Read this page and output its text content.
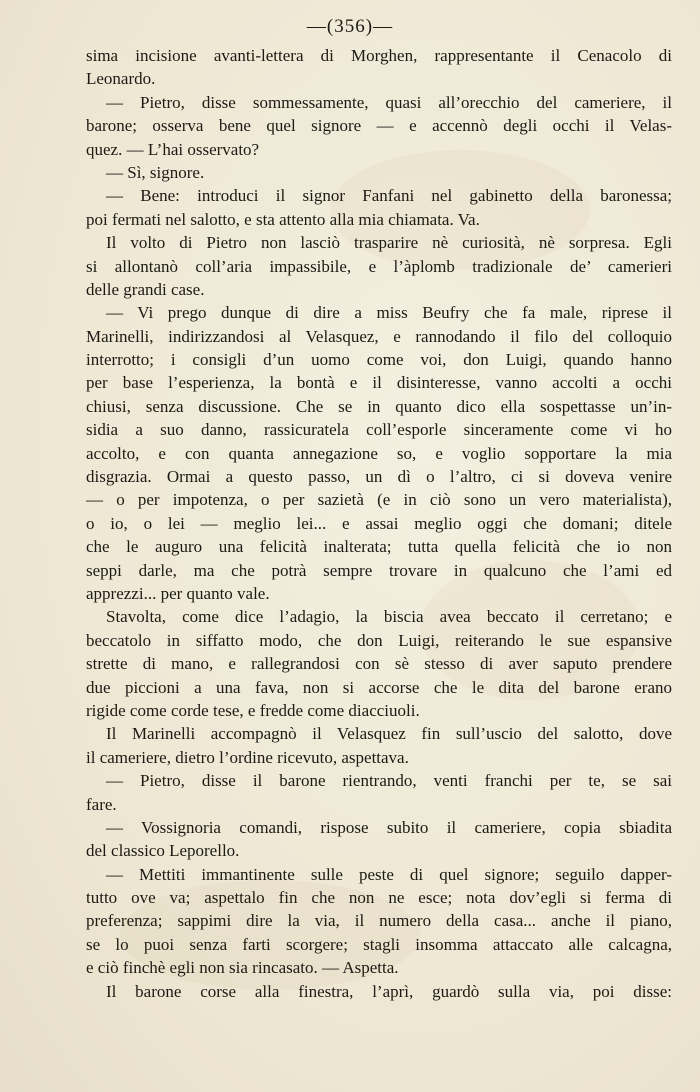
—(356)—
sima incisione avanti-lettera di Morghen, rappresentante il Cenacolo di
Leonardo.
— Pietro, disse sommessamente, quasi all’orecchio del cameriere, il
barone; osserva bene quel signore — e accennò degli occhi il Velas-
quez. — L’hai osservato?
— Sì, signore.
— Bene: introduci il signor Fanfani nel gabinetto della baronessa;
poi fermati nel salotto, e sta attento alla mia chiamata. Va.
Il volto di Pietro non lasciò trasparire nè curiosità, nè sorpresa. Egli
si allontanò coll’aria impassibile, e l’àplomb tradizionale de’ camerieri
delle grandi case.
— Vi prego dunque di dire a miss Beufry che fa male, riprese il
Marinelli, indirizzandosi al Velasquez, e rannodando il filo del colloquio
interrotto; i consigli d’un uomo come voi, don Luigi, quando hanno
per base l’esperienza, la bontà e il disinteresse, vanno accolti a occhi
chiusi, senza discussione. Che se in quanto dico ella sospettasse un’in-
sidia a suo danno, rassicuratela coll’esporle sinceramente come vi ho
accolto, e con quanta annegazione so, e voglio sopportare la mia
disgrazia. Ormai a questo passo, un dì o l’altro, ci si doveva venire
— o per impotenza, o per sazietà (e in ciò sono un vero materialista),
o io, o lei — meglio lei... e assai meglio oggi che domani; ditele
che le auguro una felicità inalterata; tutta quella felicità che io non
seppi darle, ma che potrà sempre trovare in qualcuno che l’ami ed
apprezzi... per quanto vale.
Stavolta, come dice l’adagio, la biscia avea beccato il cerretano; e
beccatolo in siffatto modo, che don Luigi, reiterando le sue espansive
strette di mano, e rallegrandosi con sè stesso di aver saputo prendere
due piccioni a una fava, non si accorse che le dita del barone erano
rigide come corde tese, e fredde come diacciuoli.
Il Marinelli accompagnò il Velasquez fin sull’uscio del salotto, dove
il cameriere, dietro l’ordine ricevuto, aspettava.
— Pietro, disse il barone rientrando, venti franchi per te, se sai
fare.
— Vossignoria comandi, rispose subito il cameriere, copia sbiadita
del classico Leporello.
— Mettiti immantinente sulle peste di quel signore; seguilo dapper-
tutto ove va; aspettalo fin che non ne esce; nota dov’egli si ferma di
preferenza; sappimi dire la via, il numero della casa... anche il piano,
se lo puoi senza farti scorgere; stagli insomma attaccato alle calcagna,
e ciò finchè egli non sia rincasato. — Aspetta.
Il barone corse alla finestra, l’aprì, guardò sulla via, poi disse:
